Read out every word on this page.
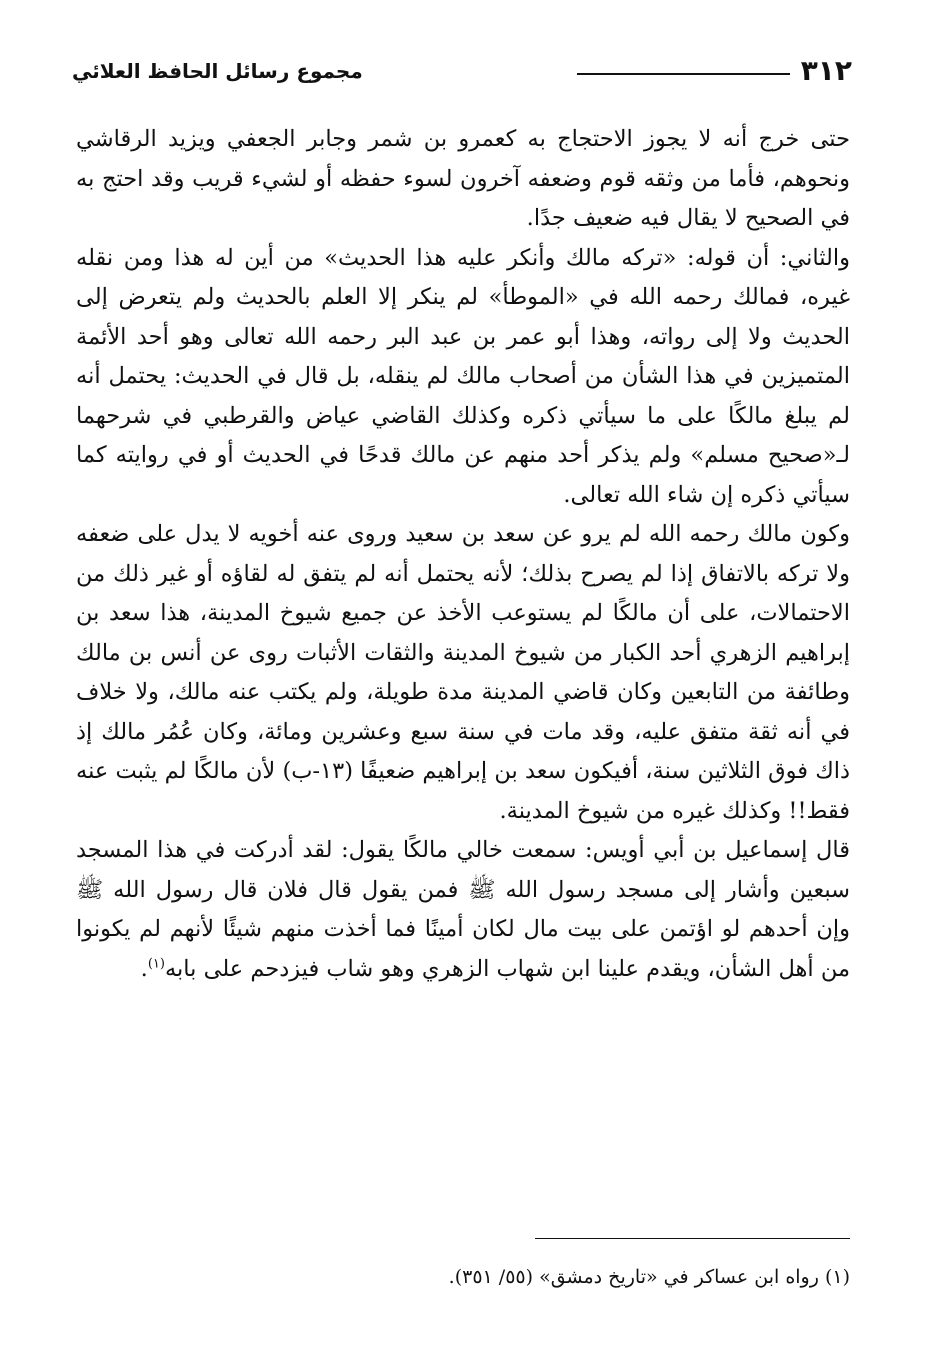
٣١٢
مجموع رسائل الحافظ العلائي

حتى خرج أنه لا يجوز الاحتجاج به كعمرو بن شمر وجابر الجعفي ويزيد الرقاشي ونحوهم، فأما من وثقه قوم وضعفه آخرون لسوء حفظه أو لشيء قريب وقد احتج به في الصحيح لا يقال فيه ضعيف جدًا.

والثاني: أن قوله: «تركه مالك وأنكر عليه هذا الحديث» من أين له هذا ومن نقله غيره، فمالك رحمه الله في «الموطأ» لم ينكر إلا العلم بالحديث ولم يتعرض إلى الحديث ولا إلى رواته، وهذا أبو عمر بن عبد البر رحمه الله تعالى وهو أحد الأئمة المتميزين في هذا الشأن من أصحاب مالك لم ينقله، بل قال في الحديث: يحتمل أنه لم يبلغ مالكًا على ما سيأتي ذكره وكذلك القاضي عياض والقرطبي في شرحهما لـ«صحيح مسلم» ولم يذكر أحد منهم عن مالك قدحًا في الحديث أو في روايته كما سيأتي ذكره إن شاء الله تعالى.

وكون مالك رحمه الله لم يرو عن سعد بن سعيد وروى عنه أخويه لا يدل على ضعفه ولا تركه بالاتفاق إذا لم يصرح بذلك؛ لأنه يحتمل أنه لم يتفق له لقاؤه أو غير ذلك من الاحتمالات، على أن مالكًا لم يستوعب الأخذ عن جميع شيوخ المدينة، هذا سعد بن إبراهيم الزهري أحد الكبار من شيوخ المدينة والثقات الأثبات روى عن أنس بن مالك وطائفة من التابعين وكان قاضي المدينة مدة طويلة، ولم يكتب عنه مالك، ولا خلاف في أنه ثقة متفق عليه، وقد مات في سنة سبع وعشرين ومائة، وكان عُمُر مالك إذ ذاك فوق الثلاثين سنة، أفيكون سعد بن إبراهيم ضعيفًا (١٣-ب) لأن مالكًا لم يثبت عنه فقط!! وكذلك غيره من شيوخ المدينة.

قال إسماعيل بن أبي أويس: سمعت خالي مالكًا يقول: لقد أدركت في هذا المسجد سبعين وأشار إلى مسجد رسول الله ﷺ فمن يقول قال فلان قال رسول الله ﷺ وإن أحدهم لو اؤتمن على بيت مال لكان أمينًا فما أخذت منهم شيئًا لأنهم لم يكونوا من أهل الشأن، ويقدم علينا ابن شهاب الزهري وهو شاب فيزدحم على بابه$^{(١)}$.

(١) رواه ابن عساكر في «تاريخ دمشق» (٥٥/ ٣٥١).
